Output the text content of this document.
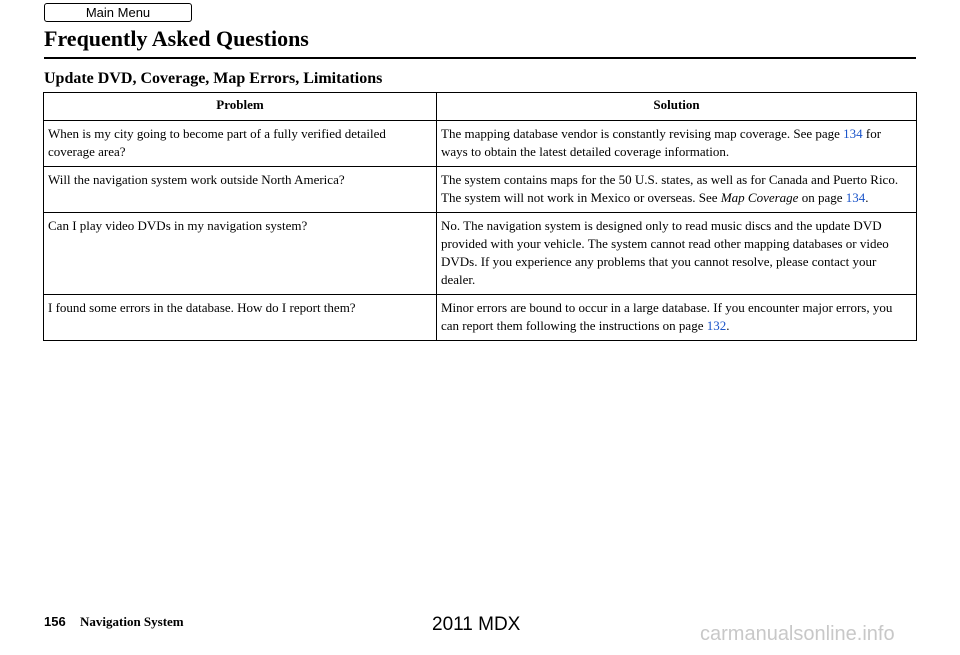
Main Menu
Frequently Asked Questions
Update DVD, Coverage, Map Errors, Limitations
Problem	Solution
When is my city going to become part of a fully verified detailed coverage area?	The mapping database vendor is constantly revising map coverage. See page 134 for ways to obtain the latest detailed coverage information.
Will the navigation system work outside North America?	The system contains maps for the 50 U.S. states, as well as for Canada and Puerto Rico. The system will not work in Mexico or overseas. See Map Coverage on page 134.
Can I play video DVDs in my navigation system?	No. The navigation system is designed only to read music discs and the update DVD provided with your vehicle. The system cannot read other mapping databases or video DVDs. If you experience any problems that you cannot resolve, please contact your dealer.
I found some errors in the database. How do I report them?	Minor errors are bound to occur in a large database. If you encounter major errors, you can report them following the instructions on page 132.
156 Navigation System	2011 MDX	carmanualsonline.info
